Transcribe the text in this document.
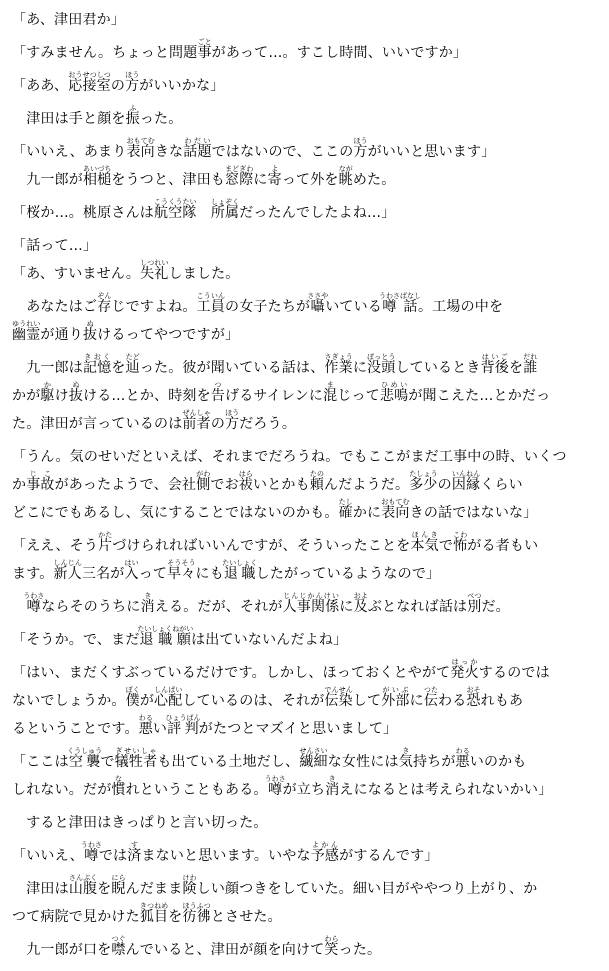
「あ、津田君か」
「すみません。ちょっと問題事ごとがあって…。すこし時間、いいですか」
「ああ、応接室おうせつしつの方ほうがいいかな」
　津田は手と顔を振ふった。
「いいえ、あまり表向おもてむきな話題わだいではないので、ここの方ほうがいいと思います」
　九一郎が相槌あいづちをうつと、津田も窓際まどぎわに寄よって外を眺ながめた。
「桜か…。桃原さんは航空隊こうくうたい　所属しょぞくだったんでしたよね…」
「話って…」
「あ、すいません。失礼しつれいしました。
　あなたはご存ぞんじですよね。工員こういんの女子たちが囁ささやいている噂話うわさばなし。工場の中を
幽霊ゆうれいが通り抜ぬけるってやつですが」
　九一郎は記憶きおくを辿たどった。彼が聞いている話は、作業さぎょうに没頭ぼっとうしているとき背後はいごを誰だれ
かが駆かけ抜ぬける…とか、時刻を告つげるサイレンに混まじって悲鳴ひめいが聞こえた…とかだっ
た。津田が言っているのは前者ぜんしゃの方ほうだろう。
「うん。気のせいだといえば、それまでだろうね。でもここがまだ工事中の時、いくつ
か事故じこがあったようで、会社側がわでお祓はらいとかも頼たのんだようだ。多少たしょうの因縁いんねんくらい
どこにでもあるし、気にすることではないのかも。確たしかに表向おもてむきの話ではないな」
「ええ、そう片かたづけられればいいんですが、そういったことを本気ほんきで怖こわがる者もい
ます。新人しんじん三名が入はいって早々そうそうにも退職たいしょくしたがっているようなので」
　噂うわさならそのうちに消きえる。だが、それが人事関係じんじかんけいに及およぶとなれば話は別べつだ。
「そうか。で、まだ退職願たいしょくねがいは出ていないんだよね」
「はい、まだくすぶっているだけです。しかし、ほっておくとやがて発火はっかするのでは
ないでしょうか。僕ぼくが心配しんぱいしているのは、それが伝染でんせんして外部がいぶに伝つたわる恐おそれもあ
るということです。悪わるい評判ひょうばんがたつとマズイと思いまして」
「ここは空襲くうしゅうで犠牲者ぎせいしゃも出ている土地だし、繊細せんさいな女性には気き持ちが悪わるいのかも
しれない。だが慣なれということもある。噂うわさが立ち消きえになるとは考えられないかい」
　すると津田はきっぱりと言い切った。
「いいえ、噂うわさでは済すまないと思います。いやな予感よかんがするんです」
　津田は山腹さんぷくを睨にらんだまま険けわしい顔つきをしていた。細い目がややつり上がり、か
つて病院で見かけた狐目きつねめを彷彿ほうふつとさせた。
　九一郎が口を噤つぐんでいると、津田が顔を向けて笑わらった。
